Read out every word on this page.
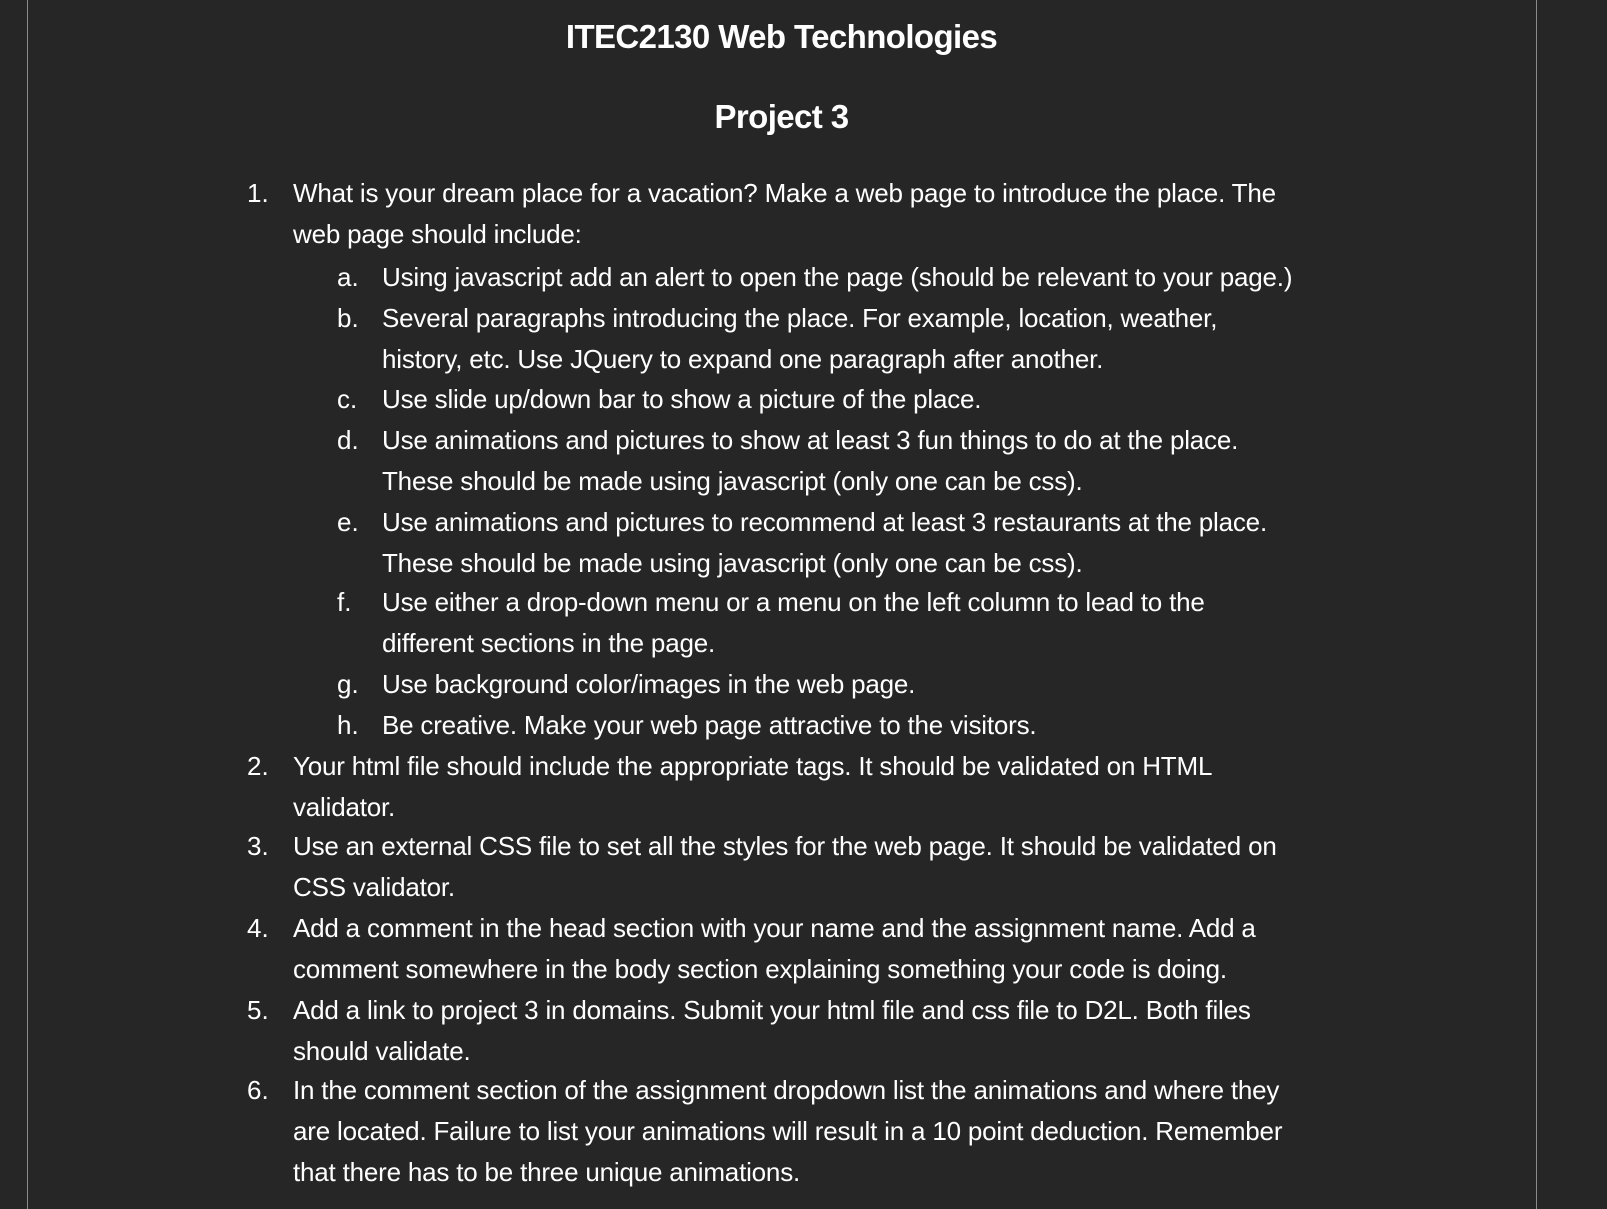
ITEC2130 Web Technologies
Project 3
1. What is your dream place for a vacation? Make a web page to introduce the place. The
web page should include:
a. Using javascript add an alert to open the page (should be relevant to your page.)
b. Several paragraphs introducing the place. For example, location, weather,
history, etc. Use JQuery to expand one paragraph after another.
c. Use slide up/down bar to show a picture of the place.
d. Use animations and pictures to show at least 3 fun things to do at the place.
These should be made using javascript (only one can be css).
e. Use animations and pictures to recommend at least 3 restaurants at the place.
These should be made using javascript (only one can be css).
f. Use either a drop-down menu or a menu on the left column to lead to the
different sections in the page.
g. Use background color/images in the web page.
h. Be creative. Make your web page attractive to the visitors.
2. Your html file should include the appropriate tags. It should be validated on HTML
validator.
3. Use an external CSS file to set all the styles for the web page. It should be validated on
CSS validator.
4. Add a comment in the head section with your name and the assignment name. Add a
comment somewhere in the body section explaining something your code is doing.
5. Add a link to project 3 in domains. Submit your html file and css file to D2L. Both files
should validate.
6. In the comment section of the assignment dropdown list the animations and where they
are located. Failure to list your animations will result in a 10 point deduction. Remember
that there has to be three unique animations.
